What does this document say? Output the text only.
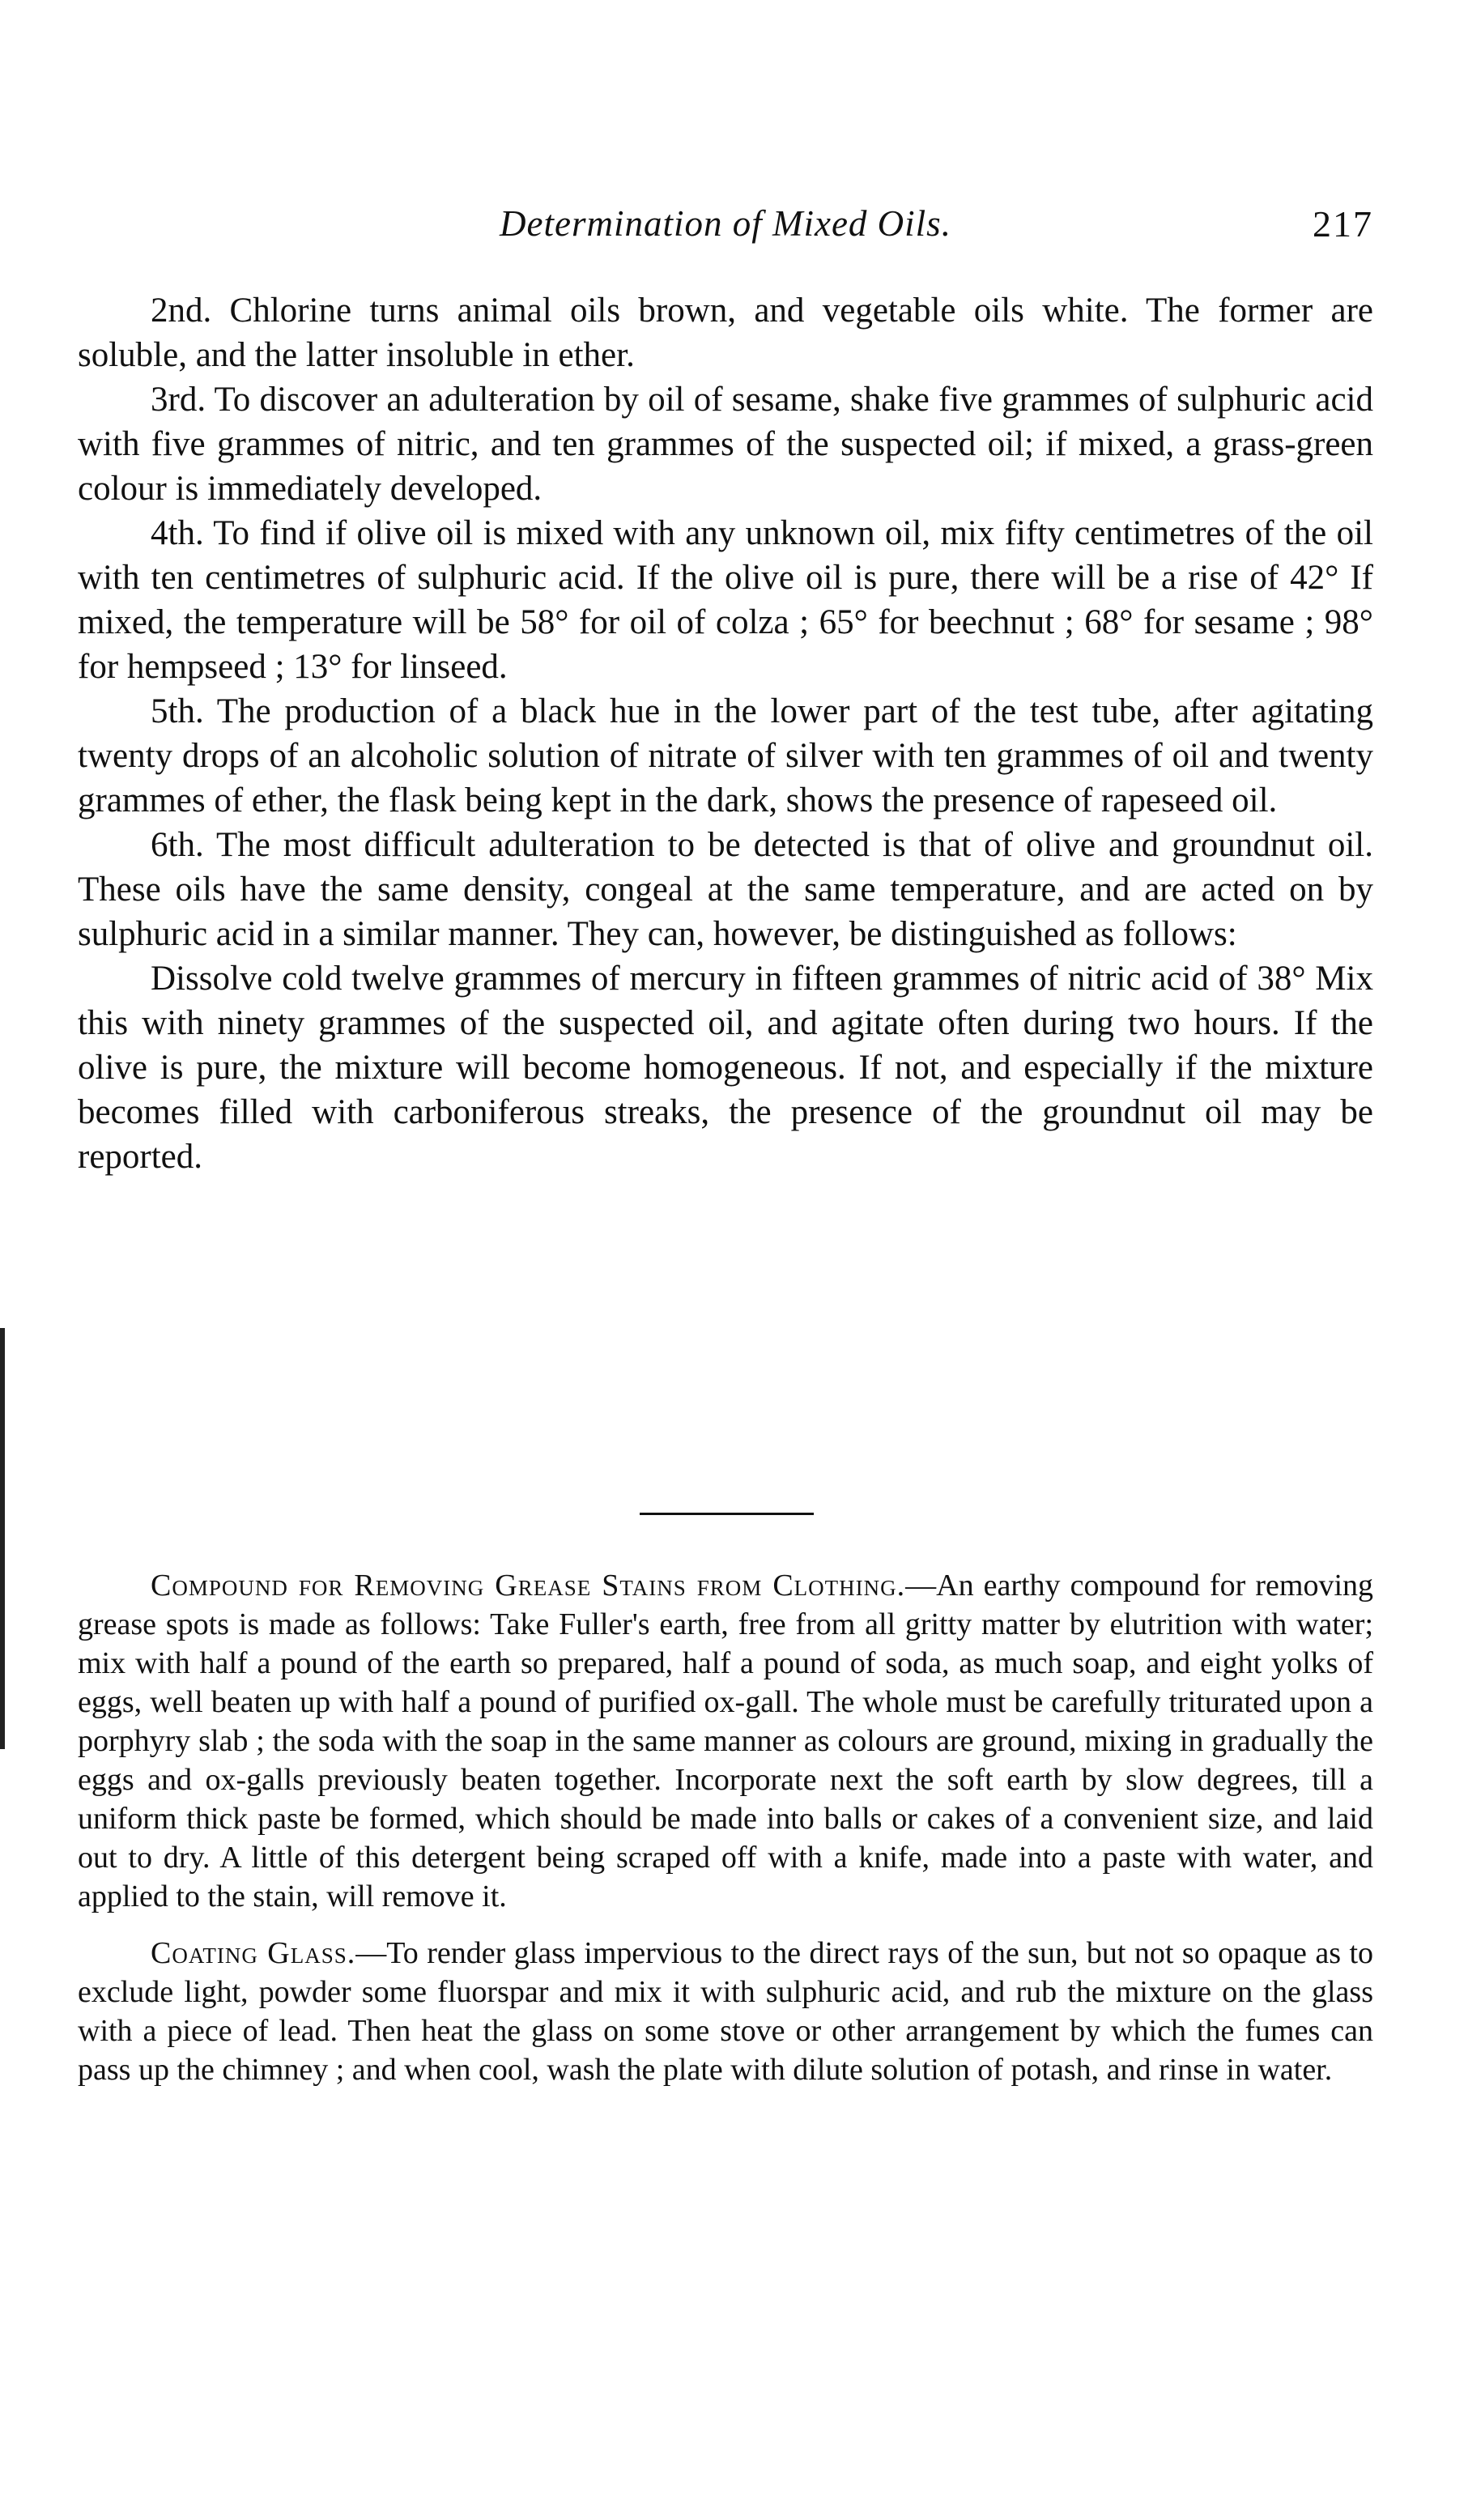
Determination of Mixed Oils.	217

2nd. Chlorine turns animal oils brown, and vegetable oils white. The former are soluble, and the latter insoluble in ether.

3rd. To discover an adulteration by oil of sesame, shake five grammes of sulphuric acid with five grammes of nitric, and ten grammes of the suspected oil; if mixed, a grass-green colour is immediately developed.

4th. To find if olive oil is mixed with any unknown oil, mix fifty centimetres of the oil with ten centimetres of sulphuric acid. If the olive oil is pure, there will be a rise of 42° If mixed, the temperature will be 58° for oil of colza ; 65° for beechnut ; 68° for sesame ; 98° for hempseed ; 13° for linseed.

5th. The production of a black hue in the lower part of the test tube, after agitating twenty drops of an alcoholic solution of nitrate of silver with ten grammes of oil and twenty grammes of ether, the flask being kept in the dark, shows the presence of rapeseed oil.

6th. The most difficult adulteration to be detected is that of olive and groundnut oil. These oils have the same density, congeal at the same temperature, and are acted on by sulphuric acid in a similar manner. They can, however, be distinguished as follows:

Dissolve cold twelve grammes of mercury in fifteen grammes of nitric acid of 38° Mix this with ninety grammes of the suspected oil, and agitate often during two hours. If the olive is pure, the mixture will become homogeneous. If not, and especially if the mixture becomes filled with carboniferous streaks, the presence of the groundnut oil may be reported.

Compound for Removing Grease Stains from Clothing.—An earthy compound for removing grease spots is made as follows: Take Fuller's earth, free from all gritty matter by elutrition with water; mix with half a pound of the earth so prepared, half a pound of soda, as much soap, and eight yolks of eggs, well beaten up with half a pound of purified ox-gall. The whole must be carefully triturated upon a porphyry slab ; the soda with the soap in the same manner as colours are ground, mixing in gradually the eggs and ox-galls previously beaten together. Incorporate next the soft earth by slow degrees, till a uniform thick paste be formed, which should be made into balls or cakes of a convenient size, and laid out to dry. A little of this detergent being scraped off with a knife, made into a paste with water, and applied to the stain, will remove it.

Coating Glass.—To render glass impervious to the direct rays of the sun, but not so opaque as to exclude light, powder some fluorspar and mix it with sulphuric acid, and rub the mixture on the glass with a piece of lead. Then heat the glass on some stove or other arrangement by which the fumes can pass up the chimney ; and when cool, wash the plate with dilute solution of potash, and rinse in water.
